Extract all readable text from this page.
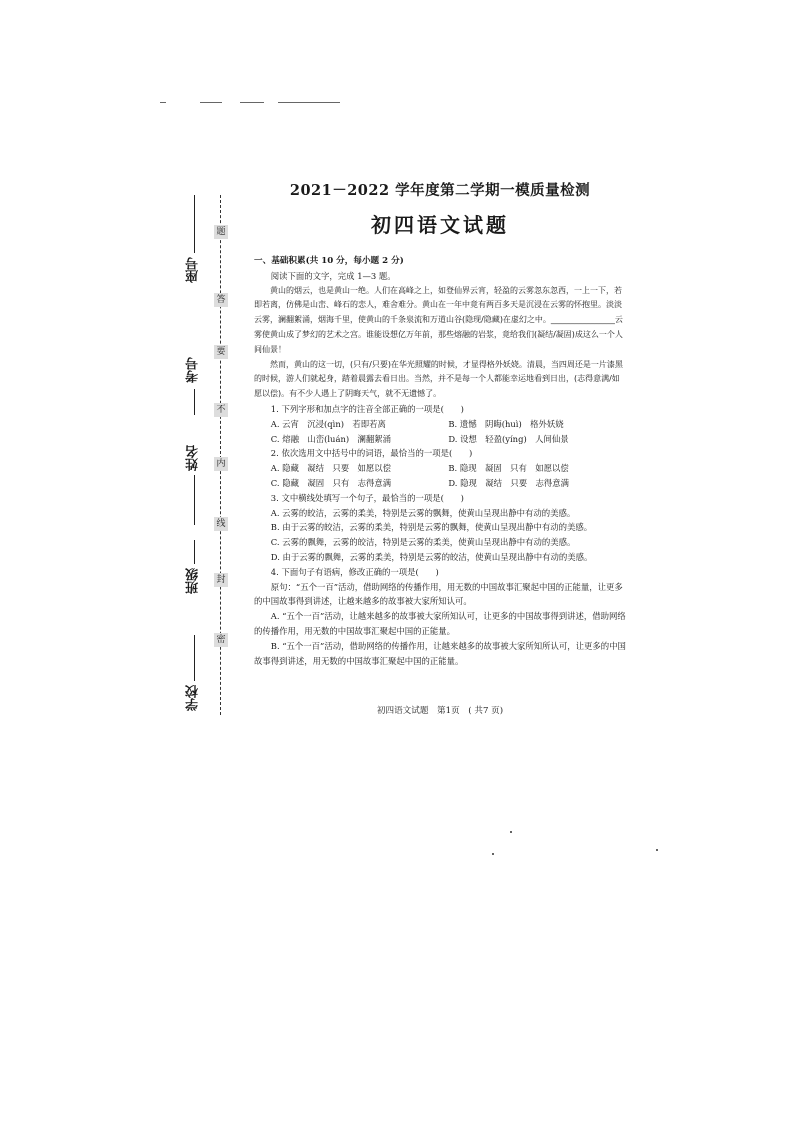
题
答
要
不
内
线
封
密
座号
考号
姓名
班级
学校
2021－2022 学年度第二学期一模质量检测
初四语文试题
一、基础积累(共 10 分，每小题 2 分)
阅读下面的文字，完成 1—3 题。
黄山的烟云，也是黄山一绝。人们在高峰之上，如登仙界云宵，轻盈的云雾忽东忽西，一上一下，若即若离，仿佛是山峦、峰石的恋人，难舍难分。黄山在一年中竟有两百多天是沉浸在云雾的怀抱里。淡淡云雾，澜翻絮涌，烟海千里，使黄山的千条泉流和万道山谷(隐现/隐藏)在虚幻之中。________________云雾使黄山成了梦幻的艺术之宫。谁能设想亿万年前，那些熔融的岩浆，竟给我们(凝结/凝固)成这么一个人间仙景！
然而，黄山的这一切，(只有/只要)在华光照耀的时候，才显得格外妖娆。清晨，当四周还是一片漆黑的时候，游人们就起身，踏着晨露去看日出。当然，并不是每一个人都能幸运地看到日出，(志得意满/如愿以偿)。有不少人遇上了阴晦天气，就不无遗憾了。
1. 下列字形和加点字的注音全部正确的一项是(　　)
A. 云宵　沉浸(qìn)　若即若离	B. 遗憾　阴晦(huì)　格外妖娆
C. 熔融　山峦(luán)　澜翻絮涌	D. 设想　轻盈(yíng)　人间仙景
2. 依次选用文中括号中的词语，最恰当的一项是(　　)
A. 隐藏　凝结　只要　如愿以偿	B. 隐现　凝固　只有　如愿以偿
C. 隐藏　凝固　只有　志得意满	D. 隐现　凝结　只要　志得意满
3. 文中横线处填写一个句子，最恰当的一项是(　　)
A. 云雾的皎洁，云雾的柔美，特别是云雾的飘舞，使黄山呈现出静中有动的美感。
B. 由于云雾的皎洁，云雾的柔美，特别是云雾的飘舞，使黄山呈现出静中有动的美感。
C. 云雾的飘舞，云雾的皎洁，特别是云雾的柔美，使黄山呈现出静中有动的美感。
D. 由于云雾的飘舞，云雾的柔美，特别是云雾的皎洁，使黄山呈现出静中有动的美感。
4. 下面句子有语病，修改正确的一项是(　　)
原句：“五个一百”活动，借助网络的传播作用，用无数的中国故事汇聚起中国的正能量，让更多的中国故事得到讲述，让越来越多的故事被大家所知认可。
A. “五个一百”活动，让越来越多的故事被大家所知认可，让更多的中国故事得到讲述，借助网络的传播作用，用无数的中国故事汇聚起中国的正能量。
B. “五个一百”活动，借助网络的传播作用，让越来越多的故事被大家所知所认可，让更多的中国故事得到讲述，用无数的中国故事汇聚起中国的正能量。
初四语文试题　第1页　( 共7 页)
